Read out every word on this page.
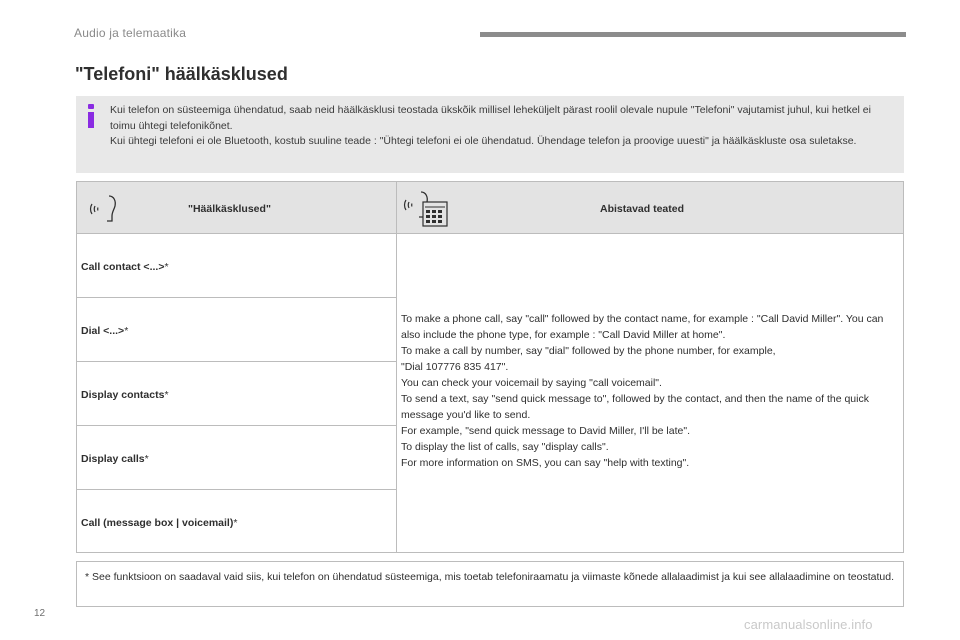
Audio ja telemaatika
"Telefoni" häälkäsklused
Kui telefon on süsteemiga ühendatud, saab neid häälkäsklusi teostada ükskõik millisel leheküljelt pärast roolil olevale nupule "Telefoni" vajutamist juhul, kui hetkel ei toimu ühtegi telefonikõnet.
Kui ühtegi telefoni ei ole Bluetooth, kostub suuline teade : "Ühtegi telefoni ei ole ühendatud. Ühendage telefon ja proovige uuesti" ja häälkäskluste osa suletakse.
"Häälkäsklused"	Abistavad teated
Call contact <...>*
Dial <...>*
Display contacts*
Display calls*
Call (message box | voicemail)*
To make a phone call, say "call" followed by the contact name, for example : "Call David Miller". You can also include the phone type, for example : "Call David Miller at home".
To make a call by number, say "dial" followed by the phone number, for example,
"Dial 107776 835 417".
You can check your voicemail by saying "call voicemail".
To send a text, say "send quick message to", followed by the contact, and then the name of the quick message you'd like to send.
For example, "send quick message to David Miller, I'll be late".
To display the list of calls, say "display calls".
For more information on SMS, you can say "help with texting".
* See funktsioon on saadaval vaid siis, kui telefon on ühendatud süsteemiga, mis toetab telefoniraamatu ja viimaste kõnede allalaadimist ja kui see allalaadimine on teostatud.
12
carmanualsonline.info
